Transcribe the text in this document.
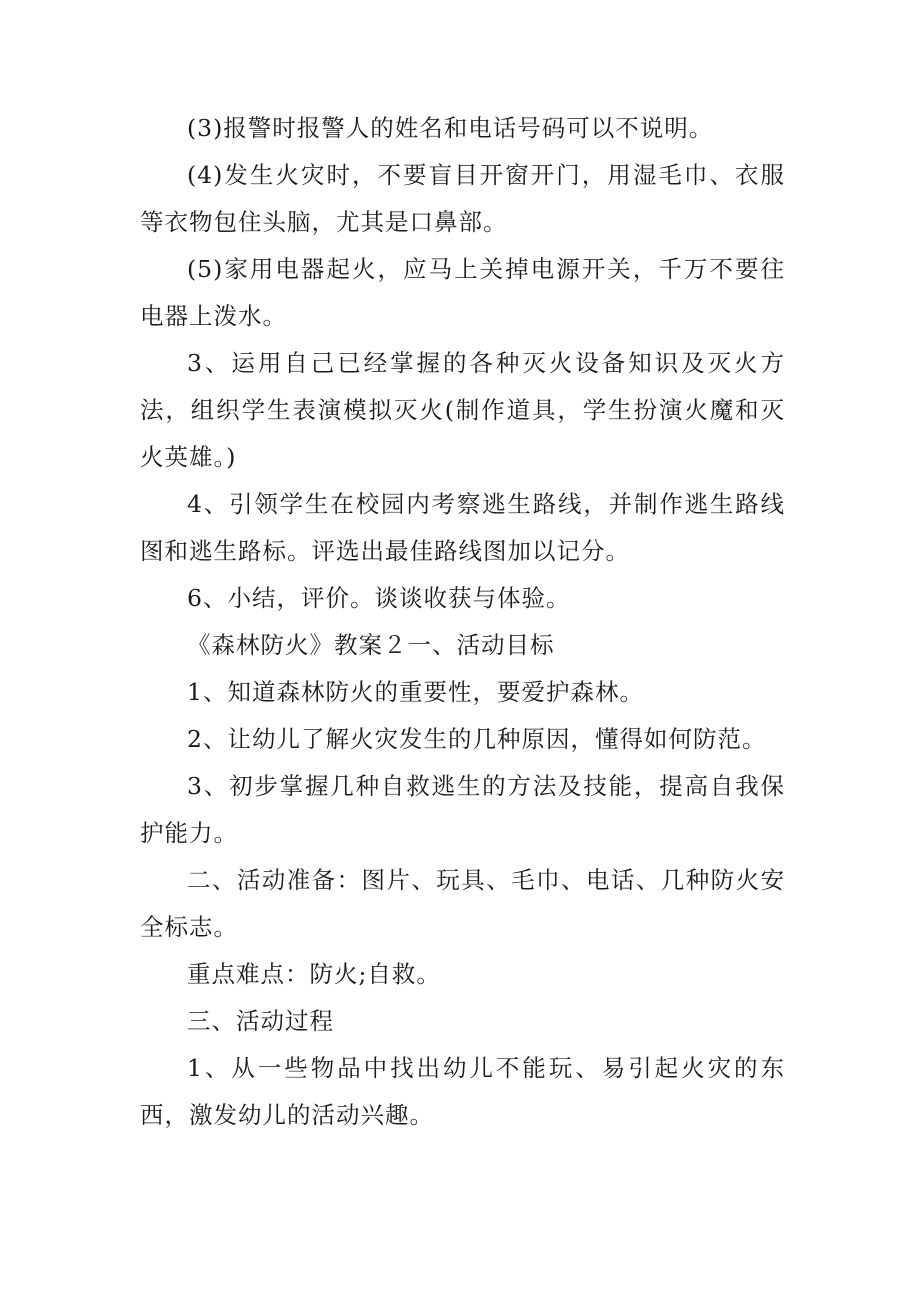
(3)报警时报警人的姓名和电话号码可以不说明。

(4)发生火灾时，不要盲目开窗开门，用湿毛巾、衣服等衣物包住头脑，尤其是口鼻部。

(5)家用电器起火，应马上关掉电源开关，千万不要往电器上泼水。

3、运用自己已经掌握的各种灭火设备知识及灭火方法，组织学生表演模拟灭火(制作道具，学生扮演火魔和灭火英雄。)

4、引领学生在校园内考察逃生路线，并制作逃生路线图和逃生路标。评选出最佳路线图加以记分。

6、小结，评价。谈谈收获与体验。

《森林防火》教案２一、活动目标

1、知道森林防火的重要性，要爱护森林。

2、让幼儿了解火灾发生的几种原因，懂得如何防范。

3、初步掌握几种自救逃生的方法及技能，提高自我保护能力。

二、活动准备：图片、玩具、毛巾、电话、几种防火安全标志。

重点难点：防火;自救。

三、活动过程

1、从一些物品中找出幼儿不能玩、易引起火灾的东西，激发幼儿的活动兴趣。
